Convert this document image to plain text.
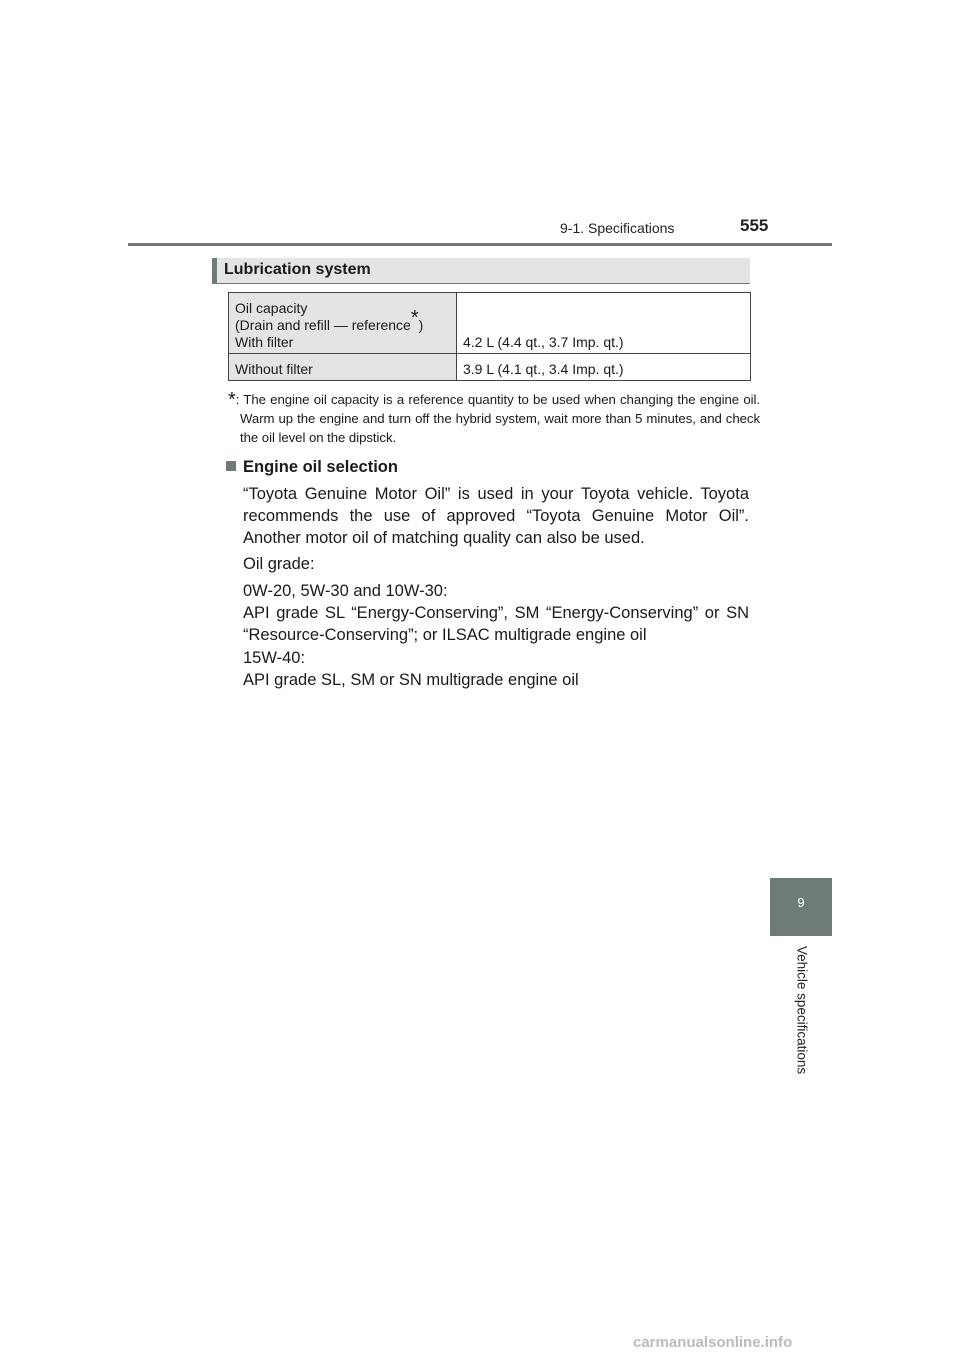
9-1. Specifications	555
Lubrication system
Oil capacity
(Drain and refill — reference*)
With filter	4.2 L (4.4 qt., 3.7 Imp. qt.)
Without filter	3.9 L (4.1 qt., 3.4 Imp. qt.)
*: The engine oil capacity is a reference quantity to be used when changing the engine oil. Warm up the engine and turn off the hybrid system, wait more than 5 minutes, and check the oil level on the dipstick.
Engine oil selection
“Toyota Genuine Motor Oil” is used in your Toyota vehicle. Toyota recommends the use of approved “Toyota Genuine Motor Oil”. Another motor oil of matching quality can also be used.
Oil grade:
0W-20, 5W-30 and 10W-30:
API grade SL “Energy-Conserving”, SM “Energy-Conserving” or SN “Resource-Conserving”; or ILSAC multigrade engine oil
15W-40:
API grade SL, SM or SN multigrade engine oil
9
Vehicle specifications
carmanualsonline.info
